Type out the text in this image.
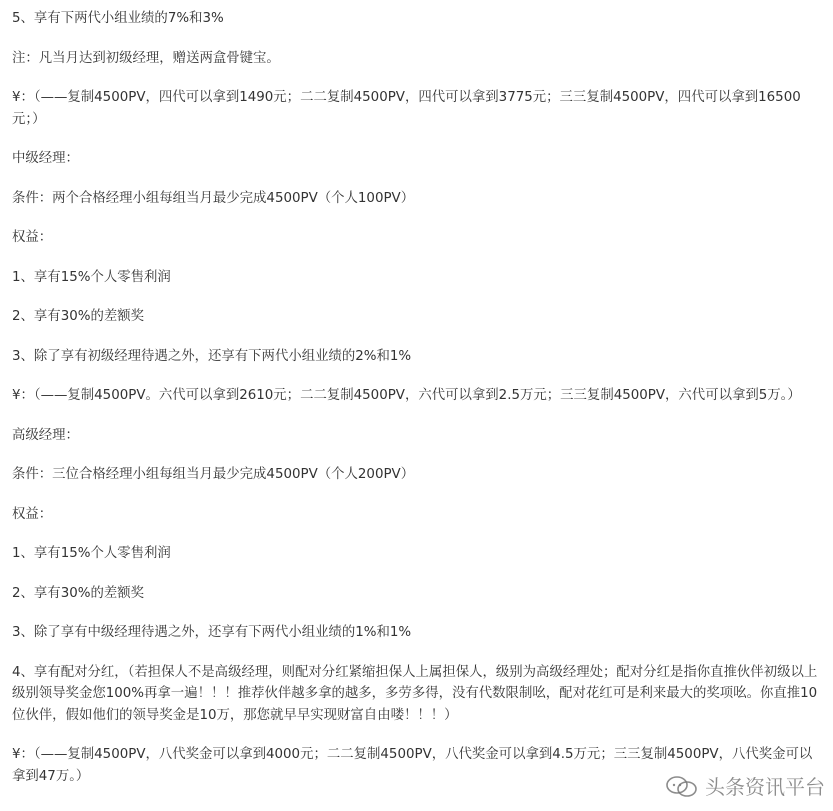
5、享有下两代小组业绩的7%和3%

注：凡当月达到初级经理，赠送两盒骨键宝。

¥：（——复制4500PV，四代可以拿到1490元；二二复制4500PV，四代可以拿到3775元；三三复制4500PV，四代可以拿到16500元；）

中级经理：

条件：两个合格经理小组每组当月最少完成4500PV（个人100PV）

权益：

1、享有15%个人零售利润

2、享有30%的差额奖

3、除了享有初级经理待遇之外，还享有下两代小组业绩的2%和1%

¥：（——复制4500PV。六代可以拿到2610元；二二复制4500PV，六代可以拿到2.5万元；三三复制4500PV，六代可以拿到5万。）

高级经理：

条件：三位合格经理小组每组当月最少完成4500PV（个人200PV）

权益：

1、享有15%个人零售利润

2、享有30%的差额奖

3、除了享有中级经理待遇之外，还享有下两代小组业绩的1%和1%

4、享有配对分红，（若担保人不是高级经理，则配对分红紧缩担保人上属担保人，级别为高级经理处；配对分红是指你直推伙伴初级以上级别领导奖金您100%再拿一遍！！！推荐伙伴越多拿的越多，多劳多得，没有代数限制吆，配对花红可是利来最大的奖项吆。你直推10位伙伴，假如他们的领导奖金是10万，那您就早早实现财富自由喽！！！）

¥：（——复制4500PV，八代奖金可以拿到4000元；二二复制4500PV，八代奖金可以拿到4.5万元；三三复制4500PV，八代奖金可以拿到47万。）	头条资讯平台
